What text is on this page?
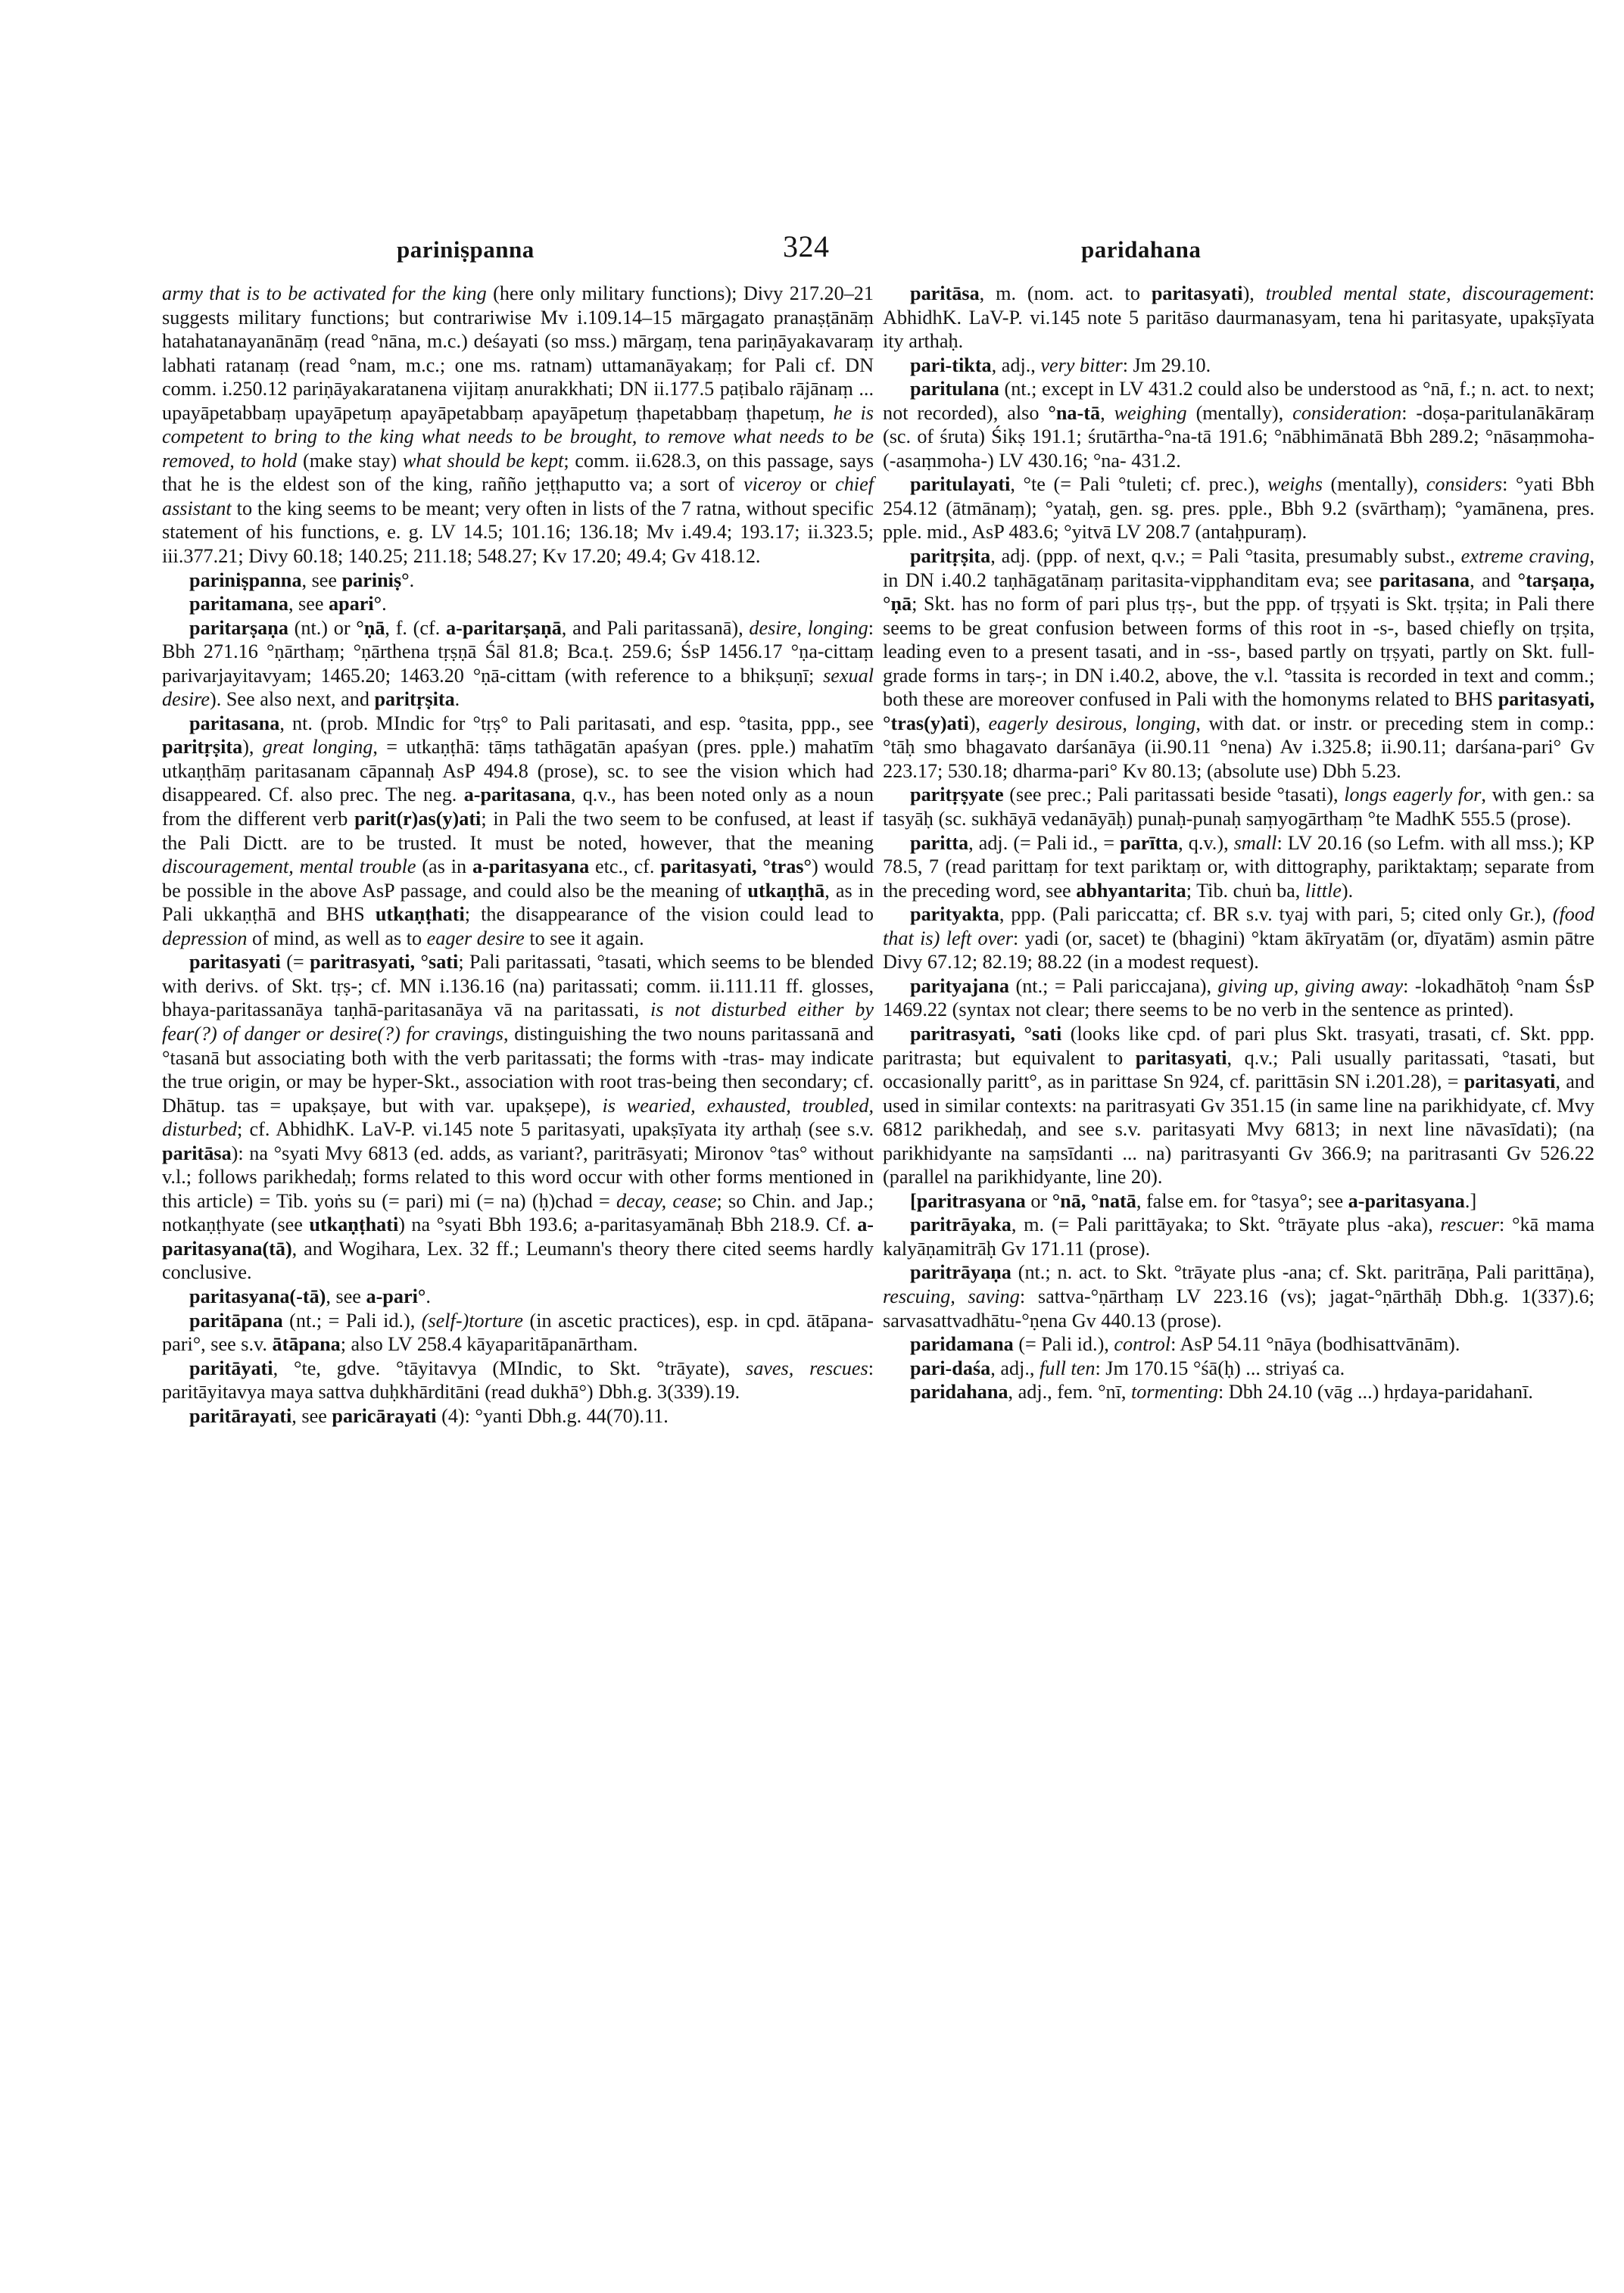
pariniṣpanna	324	paridahana

army that is to be activated for the king (here only military functions); Divy 217.20–21 suggests military functions; but contrariwise Mv i.109.14–15 mārgagato pranaṣṭānāṃ hatahatanayanānāṃ (read °nāna, m.c.) deśayati (so mss.) mārgaṃ, tena pariṇāyakavaraṃ labhati ratanaṃ (read °nam, m.c.; one ms. ratnam) uttamanāyakaṃ; for Pali cf. DN comm. i.250.12 pariṇāyakaratanena vijitaṃ anurakkhati; DN ii.177.5 paṭibalo rājānaṃ ... upayāpetabbaṃ upayāpetuṃ apayāpetabbaṃ apayāpetuṃ ṭhapetabbaṃ ṭhapetuṃ, he is competent to bring to the king what needs to be brought, to remove what needs to be removed, to hold (make stay) what should be kept; comm. ii.628.3, on this passage, says that he is the eldest son of the king, rañño jeṭṭhaputto va; a sort of viceroy or chief assistant to the king seems to be meant; very often in lists of the 7 ratna, without specific statement of his functions, e. g. LV 14.5; 101.16; 136.18; Mv i.49.4; 193.17; ii.323.5; iii.377.21; Divy 60.18; 140.25; 211.18; 548.27; Kv 17.20; 49.4; Gv 418.12.

pariniṣpanna, see pariniṣ°.

paritamana, see apari°.

paritarṣaṇa (nt.) or °ṇā, f. (cf. a-paritarṣaṇā, and Pali paritassanā), desire, longing: Bbh 271.16 °ṇārthaṃ; °ṇārthena tṛṣṇā Śāl 81.8; Bca.ṭ. 259.6; ŚsP 1456.17 °ṇa-cittaṃ parivarjayitavyam; 1465.20; 1463.20 °ṇā-cittam (with reference to a bhikṣuṇī; sexual desire). See also next, and paritṛṣita.

paritasana, nt. (prob. MIndic for °tṛṣ° to Pali paritasati, and esp. °tasita, ppp., see paritṛṣita), great longing, = utkaṇṭhā: tāṃs tathāgatān apaśyan (pres. pple.) mahatīm utkaṇṭhāṃ paritasanam cāpannaḥ AsP 494.8 (prose), sc. to see the vision which had disappeared. Cf. also prec. The neg. a-paritasana, q.v., has been noted only as a noun from the different verb parit(r)as(y)ati; in Pali the two seem to be confused, at least if the Pali Dictt. are to be trusted. It must be noted, however, that the meaning discouragement, mental trouble (as in a-paritasyana etc., cf. paritasyati, °tras°) would be possible in the above AsP passage, and could also be the meaning of utkaṇṭhā, as in Pali ukkaṇṭhā and BHS utkaṇṭhati; the disappearance of the vision could lead to depression of mind, as well as to eager desire to see it again.

paritasyati (= paritrasyati, °sati; Pali paritassati, °tasati, which seems to be blended with derivs. of Skt. tṛṣ-; cf. MN i.136.16 (na) paritassati; comm. ii.111.11 ff. glosses, bhaya-paritassanāya taṇhā-paritasanāya vā na paritassati, is not disturbed either by fear(?) of danger or desire(?) for cravings, distinguishing the two nouns paritassanā and °tasanā but associating both with the verb paritassati; the forms with -tras- may indicate the true origin, or may be hyper-Skt., association with root tras-being then secondary; cf. Dhātup. tas = upakṣaye, but with var. upakṣepe), is wearied, exhausted, troubled, disturbed; cf. AbhidhK. LaV-P. vi.145 note 5 paritasyati, upakṣīyata ity arthaḥ (see s.v. paritāsa): na °syati Mvy 6813 (ed. adds, as variant?, paritrāsyati; Mironov °tas° without v.l.; follows parikhedaḥ; forms related to this word occur with other forms mentioned in this article) = Tib. yoṅs su (= pari) mi (= na) (ḥ)chad = decay, cease; so Chin. and Jap.; notkaṇṭhyate (see utkaṇṭhati) na °syati Bbh 193.6; a-paritasyamānaḥ Bbh 218.9. Cf. a-paritasyana(tā), and Wogihara, Lex. 32 ff.; Leumann's theory there cited seems hardly conclusive.

paritasyana(-tā), see a-pari°.

paritāpana (nt.; = Pali id.), (self-)torture (in ascetic practices), esp. in cpd. ātāpana-pari°, see s.v. ātāpana; also LV 258.4 kāyaparitāpanārtham.

paritāyati, °te, gdve. °tāyitavya (MIndic, to Skt. °trāyate), saves, rescues: paritāyitavya maya sattva duḥkhārditāni (read dukhā°) Dbh.g. 3(339).19.

paritārayati, see paricārayati (4): °yanti Dbh.g. 44(70).11.

paritāsa, m. (nom. act. to paritasyati), troubled mental state, discouragement: AbhidhK. LaV-P. vi.145 note 5 paritāso daurmanasyam, tena hi paritasyate, upakṣīyata ity arthaḥ.

pari-tikta, adj., very bitter: Jm 29.10.

paritulana (nt.; except in LV 431.2 could also be understood as °nā, f.; n. act. to next; not recorded), also °na-tā, weighing (mentally), consideration: -doṣa-paritulanākāraṃ (sc. of śruta) Śikṣ 191.1; śrutārtha-°na-tā 191.6; °nābhimānatā Bbh 289.2; °nāsaṃmoha-(-asaṃmoha-) LV 430.16; °na- 431.2.

paritulayati, °te (= Pali °tuleti; cf. prec.), weighs (mentally), considers: °yati Bbh 254.12 (ātmānaṃ); °yataḥ, gen. sg. pres. pple., Bbh 9.2 (svārthaṃ); °yamānena, pres. pple. mid., AsP 483.6; °yitvā LV 208.7 (antaḥpuraṃ).

paritṛṣita, adj. (ppp. of next, q.v.; = Pali °tasita, presumably subst., extreme craving, in DN i.40.2 taṇhāgatānaṃ paritasita-vipphanditam eva; see paritasana, and °tarṣaṇa, °ṇā; Skt. has no form of pari plus tṛṣ-, but the ppp. of tṛṣyati is Skt. tṛṣita; in Pali there seems to be great confusion between forms of this root in -s-, based chiefly on tṛṣita, leading even to a present tasati, and in -ss-, based partly on tṛṣyati, partly on Skt. full-grade forms in tarṣ-; in DN i.40.2, above, the v.l. °tassita is recorded in text and comm.; both these are moreover confused in Pali with the homonyms related to BHS paritasyati, °tras(y)ati), eagerly desirous, longing, with dat. or instr. or preceding stem in comp.: °tāḥ smo bhagavato darśanāya (ii.90.11 °nena) Av i.325.8; ii.90.11; darśana-pari° Gv 223.17; 530.18; dharma-pari° Kv 80.13; (absolute use) Dbh 5.23.

paritṛṣyate (see prec.; Pali paritassati beside °tasati), longs eagerly for, with gen.: sa tasyāḥ (sc. sukhāyā vedanāyāḥ) punaḥ-punaḥ saṃyogārthaṃ °te MadhK 555.5 (prose).

paritta, adj. (= Pali id., = parītta, q.v.), small: LV 20.16 (so Lefm. with all mss.); KP 78.5, 7 (read parittaṃ for text pariktaṃ or, with dittography, pariktaktaṃ; separate from the preceding word, see abhyantarita; Tib. chuṅ ba, little).

parityakta, ppp. (Pali pariccatta; cf. BR s.v. tyaj with pari, 5; cited only Gr.), (food that is) left over: yadi (or, sacet) te (bhagini) °ktam ākīryatām (or, dīyatām) asmin pātre Divy 67.12; 82.19; 88.22 (in a modest request).

parityajana (nt.; = Pali pariccajana), giving up, giving away: -lokadhātoḥ °nam ŚsP 1469.22 (syntax not clear; there seems to be no verb in the sentence as printed).

paritrasyati, °sati (looks like cpd. of pari plus Skt. trasyati, trasati, cf. Skt. ppp. paritrasta; but equivalent to paritasyati, q.v.; Pali usually paritassati, °tasati, but occasionally paritt°, as in parittase Sn 924, cf. parittāsin SN i.201.28), = paritasyati, and used in similar contexts: na paritrasyati Gv 351.15 (in same line na parikhidyate, cf. Mvy 6812 parikhedaḥ, and see s.v. paritasyati Mvy 6813; in next line nāvasīdati); (na parikhidyante na saṃsīdanti ... na) paritrasyanti Gv 366.9; na paritrasanti Gv 526.22 (parallel na parikhidyante, line 20).

[paritrasyana or °nā, °natā, false em. for °tasya°; see a-paritasyana.]

paritrāyaka, m. (= Pali parittāyaka; to Skt. °trāyate plus -aka), rescuer: °kā mama kalyāṇamitrāḥ Gv 171.11 (prose).

paritrāyaṇa (nt.; n. act. to Skt. °trāyate plus -ana; cf. Skt. paritrāṇa, Pali parittāṇa), rescuing, saving: sattva-°ṇārthaṃ LV 223.16 (vs); jagat-°ṇārthāḥ Dbh.g. 1(337).6; sarvasattvadhātu-°ṇena Gv 440.13 (prose).

paridamana (= Pali id.), control: AsP 54.11 °nāya (bodhisattvānām).

pari-daśa, adj., full ten: Jm 170.15 °śā(ḥ) ... striyaś ca.

paridahana, adj., fem. °nī, tormenting: Dbh 24.10 (vāg ...) hṛdaya-paridahanī.
